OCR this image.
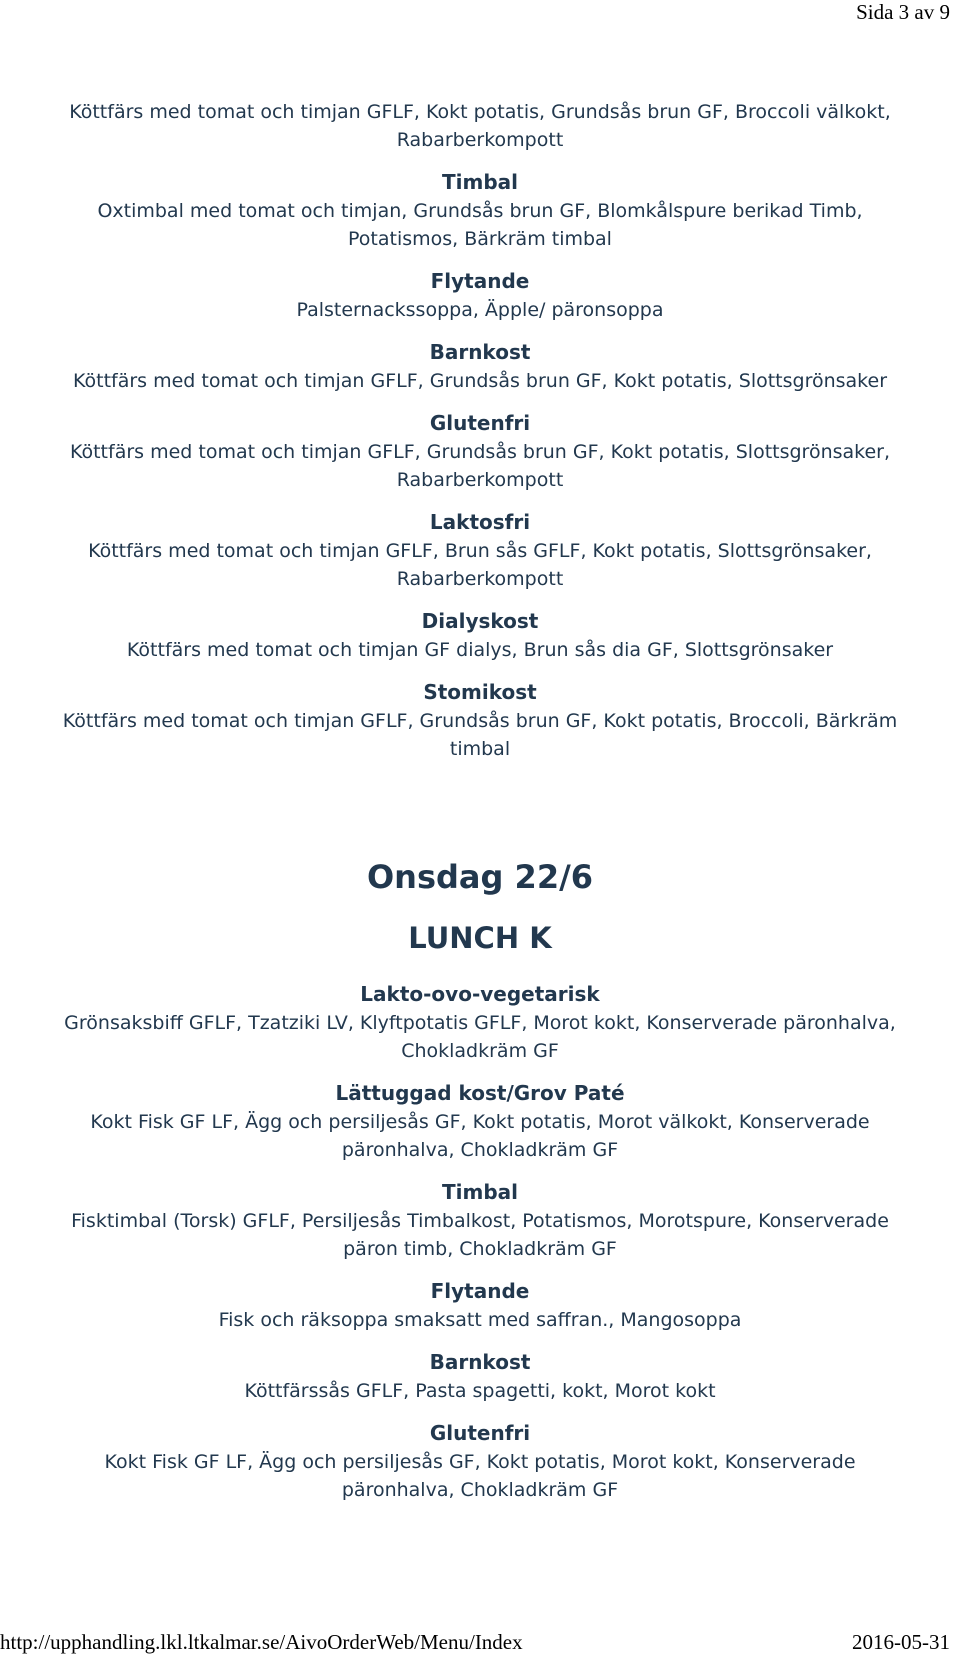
Sida 3 av 9
Köttfärs med tomat och timjan GFLF, Kokt potatis, Grundsås brun GF, Broccoli välkokt, Rabarberkompott
Timbal
Oxtimbal med tomat och timjan, Grundsås brun GF, Blomkålspure berikad Timb, Potatismos, Bärkräm timbal
Flytande
Palsternackssoppa, Äpple/ päronsoppa
Barnkost
Köttfärs med tomat och timjan GFLF, Grundsås brun GF, Kokt potatis, Slottsgrönsaker
Glutenfri
Köttfärs med tomat och timjan GFLF, Grundsås brun GF, Kokt potatis, Slottsgrönsaker, Rabarberkompott
Laktosfri
Köttfärs med tomat och timjan GFLF, Brun sås GFLF, Kokt potatis, Slottsgrönsaker, Rabarberkompott
Dialyskost
Köttfärs med tomat och timjan GF dialys, Brun sås dia GF, Slottsgrönsaker
Stomikost
Köttfärs med tomat och timjan GFLF, Grundsås brun GF, Kokt potatis, Broccoli, Bärkräm timbal
Onsdag 22/6
LUNCH K
Lakto-ovo-vegetarisk
Grönsaksbiff GFLF, Tzatziki LV, Klyftpotatis GFLF, Morot kokt, Konserverade päronhalva, Chokladkräm GF
Lättuggad kost/Grov Paté
Kokt Fisk GF LF, Ägg och persiljesås GF, Kokt potatis, Morot välkokt, Konserverade päronhalva, Chokladkräm GF
Timbal
Fisktimbal (Torsk) GFLF, Persiljesås Timbalkost, Potatismos, Morotspure, Konserverade päron timb, Chokladkräm GF
Flytande
Fisk och räksoppa smaksatt med saffran., Mangosoppa
Barnkost
Köttfärssås GFLF, Pasta spagetti, kokt, Morot kokt
Glutenfri
Kokt Fisk GF LF, Ägg och persiljesås GF, Kokt potatis, Morot kokt, Konserverade päronhalva, Chokladkräm GF
http://upphandling.lkl.ltkalmar.se/AivoOrderWeb/Menu/Index	2016-05-31
